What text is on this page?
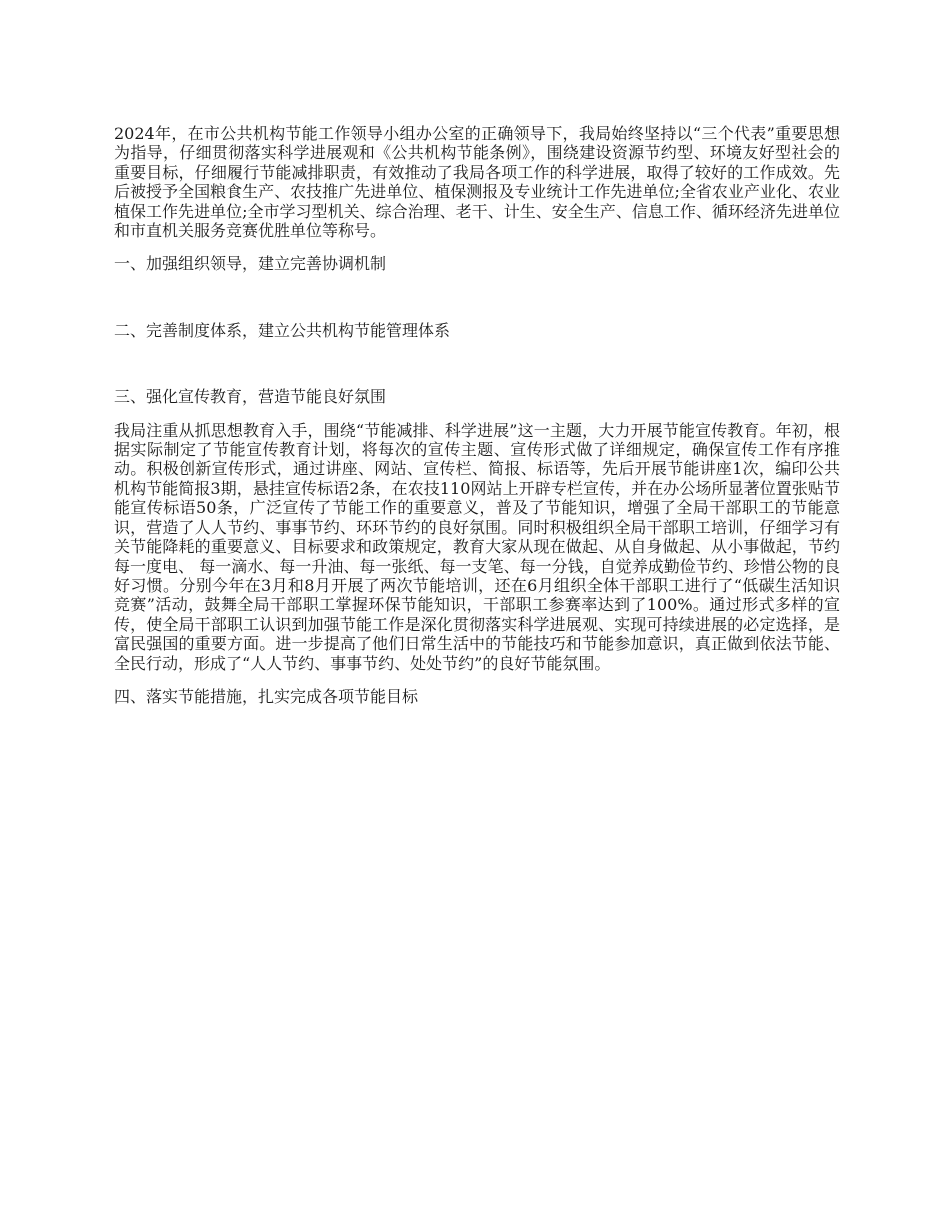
2024年，在市公共机构节能工作领导小组办公室的正确领导下，我局始终坚持以“三个代表”重要思想为指导，仔细贯彻落实科学进展观和《公共机构节能条例》，围绕建设资源节约型、环境友好型社会的重要目标，仔细履行节能减排职责，有效推动了我局各项工作的科学进展，取得了较好的工作成效。先后被授予全国粮食生产、农技推广先进单位、植保测报及专业统计工作先进单位;全省农业产业化、农业植保工作先进单位;全市学习型机关、综合治理、老干、计生、安全生产、信息工作、循环经济先进单位和市直机关服务竞赛优胜单位等称号。

一、加强组织领导，建立完善协调机制

二、完善制度体系，建立公共机构节能管理体系

三、强化宣传教育，营造节能良好氛围

我局注重从抓思想教育入手，围绕“节能减排、科学进展”这一主题，大力开展节能宣传教育。年初，根据实际制定了节能宣传教育计划，将每次的宣传主题、宣传形式做了详细规定，确保宣传工作有序推动。积极创新宣传形式，通过讲座、网站、宣传栏、简报、标语等，先后开展节能讲座1次，编印公共机构节能简报3期，悬挂宣传标语2条，在农技110网站上开辟专栏宣传，并在办公场所显著位置张贴节能宣传标语50条，广泛宣传了节能工作的重要意义，普及了节能知识，增强了全局干部职工的节能意识，营造了人人节约、事事节约、环环节约的良好氛围。同时积极组织全局干部职工培训，仔细学习有关节能降耗的重要意义、目标要求和政策规定，教育大家从现在做起、从自身做起、从小事做起，节约每一度电、 每一滴水、每一升油、每一张纸、每一支笔、每一分钱，自觉养成勤俭节约、珍惜公物的良好习惯。分别今年在3月和8月开展了两次节能培训，还在6月组织全体干部职工进行了“低碳生活知识竞赛”活动，鼓舞全局干部职工掌握环保节能知识，干部职工参赛率达到了100%。通过形式多样的宣传，使全局干部职工认识到加强节能工作是深化贯彻落实科学进展观、实现可持续进展的必定选择，是富民强国的重要方面。进一步提高了他们日常生活中的节能技巧和节能参加意识，真正做到依法节能、全民行动，形成了“人人节约、事事节约、处处节约”的良好节能氛围。

四、落实节能措施，扎实完成各项节能目标
